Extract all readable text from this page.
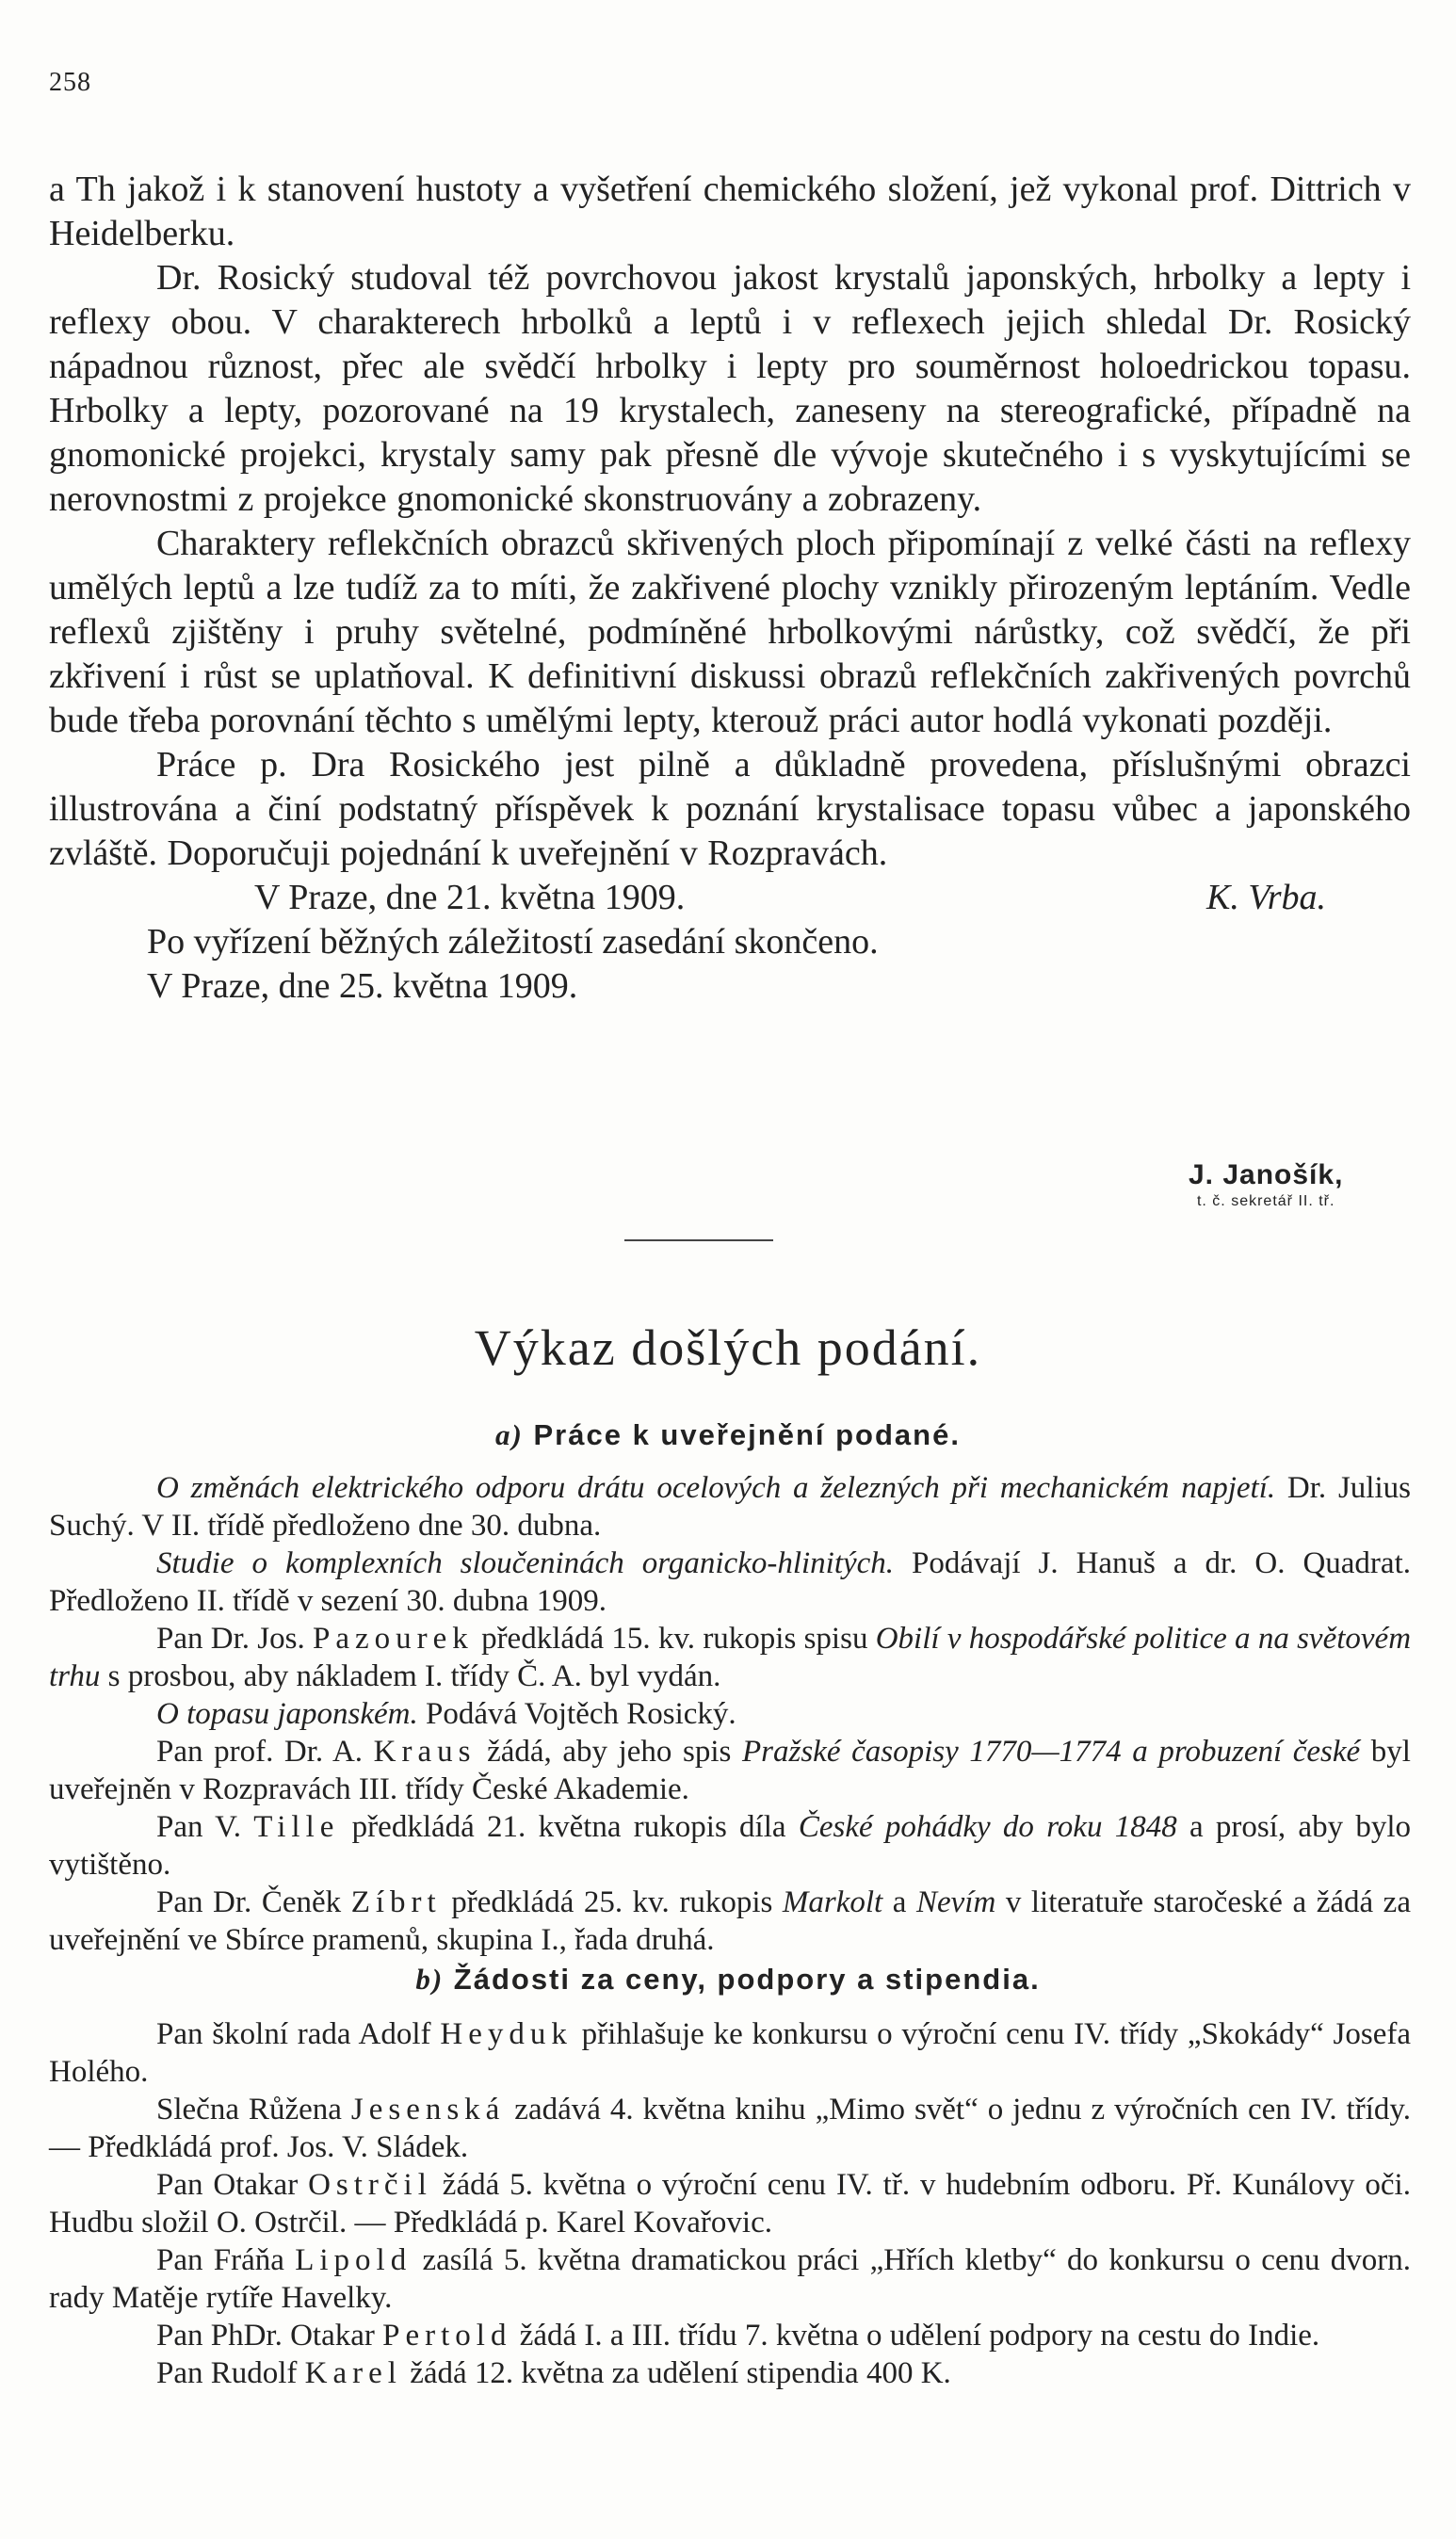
258

a Th jakož i k stanovení hustoty a vyšetření chemického složení, jež vykonal prof. Dittrich v Heidelberku.

Dr. Rosický studoval též povrchovou jakost krystalů japonských, hrbolky a lepty i reflexy obou. V charakterech hrbolků a leptů i v reflexech jejich shledal Dr. Rosický nápadnou různost, přec ale svědčí hrbolky i lepty pro souměrnost holoedrickou topasu. Hrbolky a lepty, pozorované na 19 krystalech, zaneseny na stereografické, případně na gnomonické projekci, krystaly samy pak přesně dle vývoje skutečného i s vyskytujícími se nerovnostmi z projekce gnomonické skonstruovány a zobrazeny.

Charaktery reflekčních obrazců skřivených ploch připomínají z velké části na reflexy umělých leptů a lze tudíž za to míti, že zakřivené plochy vznikly přirozeným leptáním. Vedle reflexů zjištěny i pruhy světelné, podmíněné hrbolkovými nárůstky, což svědčí, že při zkřivení i růst se uplatňoval. K definitivní diskussi obrazů reflekčních zakřivených povrchů bude třeba porovnání těchto s umělými lepty, kterouž práci autor hodlá vykonati později.

Práce p. Dra Rosického jest pilně a důkladně provedena, příslušnými obrazci illustrována a činí podstatný příspěvek k poznání krystalisace topasu vůbec a japonského zvláště. Doporučuji pojednání k uveřejnění v Rozpravách.

V Praze, dne 21. května 1909.	K. Vrba.
Po vyřízení běžných záležitostí zasedání skončeno.
V Praze, dne 25. května 1909.
J. Janošík,
t. č. sekretář II. tř.
Výkaz došlých podání.
a) Práce k uveřejnění podané.

O změnách elektrického odporu drátu ocelových a železných při mechanickém napjetí. Dr. Julius Suchý. V II. třídě předloženo dne 30. dubna.

Studie o komplexních sloučeninách organicko-hlinitých. Podávají J. Hanuš a dr. O. Quadrat. Předloženo II. třídě v sezení 30. dubna 1909.

Pan Dr. Jos. Pazourek předkládá 15. kv. rukopis spisu Obilí v hospodářské politice a na světovém trhu s prosbou, aby nákladem I. třídy Č. A. byl vydán.

O topasu japonském. Podává Vojtěch Rosický.

Pan prof. Dr. A. Kraus žádá, aby jeho spis Pražské časopisy 1770—1774 a probuzení české byl uveřejněn v Rozpravách III. třídy České Akademie.

Pan V. Tille předkládá 21. května rukopis díla České pohádky do roku 1848 a prosí, aby bylo vytištěno.

Pan Dr. Čeněk Zíbrt předkládá 25. kv. rukopis Markolt a Nevím v literatuře staročeské a žádá za uveřejnění ve Sbírce pramenů, skupina I., řada druhá.

b) Žádosti za ceny, podpory a stipendia.

Pan školní rada Adolf Heyduk přihlašuje ke konkursu o výroční cenu IV. třídy „Skokády“ Josefa Holého.

Slečna Růžena Jesenská zadává 4. května knihu „Mimo svět“ o jednu z výročních cen IV. třídy. — Předkládá prof. Jos. V. Sládek.

Pan Otakar Ostrčil žádá 5. května o výroční cenu IV. tř. v hudebním odboru. Př. Kunálovy oči. Hudbu složil O. Ostrčil. — Předkládá p. Karel Kovařovic.

Pan Fráňa Lipold zasílá 5. května dramatickou práci „Hřích kletby“ do konkursu o cenu dvorn. rady Matěje rytíře Havelky.

Pan PhDr. Otakar Pertold žádá I. a III. třídu 7. května o udělení podpory na cestu do Indie.

Pan Rudolf Karel žádá 12. května za udělení stipendia 400 K.
